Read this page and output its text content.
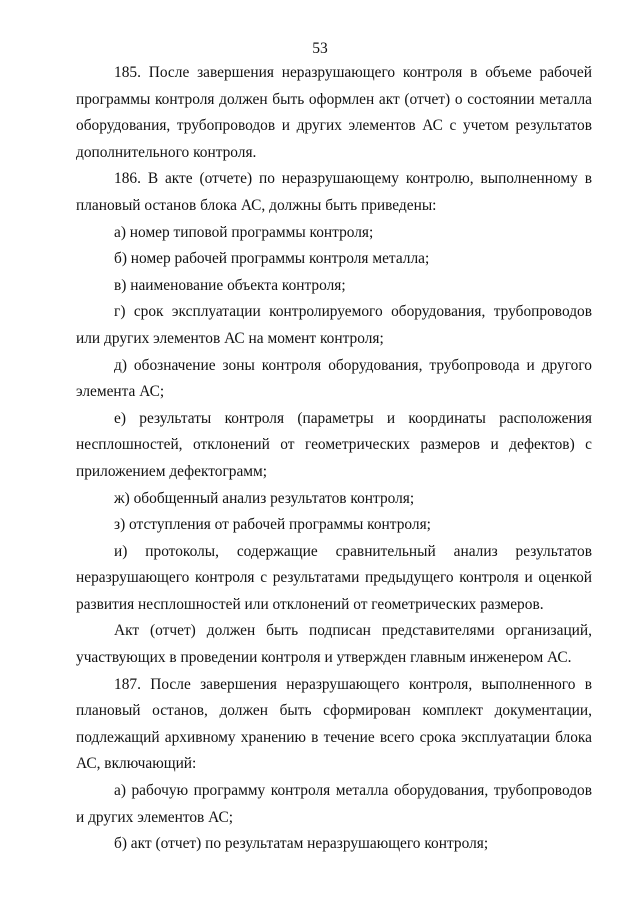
53

185. После завершения неразрушающего контроля в объеме рабочей программы контроля должен быть оформлен акт (отчет) о состоянии металла оборудования, трубопроводов и других элементов АС с учетом результатов дополнительного контроля.

186. В акте (отчете) по неразрушающему контролю, выполненному в плановый останов блока АС, должны быть приведены:

а) номер типовой программы контроля;

б) номер рабочей программы контроля металла;

в) наименование объекта контроля;

г) срок эксплуатации контролируемого оборудования, трубопроводов или других элементов АС на момент контроля;

д) обозначение зоны контроля оборудования, трубопровода и другого элемента АС;

е) результаты контроля (параметры и координаты расположения несплошностей, отклонений от геометрических размеров и дефектов) с приложением дефектограмм;

ж) обобщенный анализ результатов контроля;

з) отступления от рабочей программы контроля;

и) протоколы, содержащие сравнительный анализ результатов неразрушающего контроля с результатами предыдущего контроля и оценкой развития несплошностей или отклонений от геометрических размеров.

Акт (отчет) должен быть подписан представителями организаций, участвующих в проведении контроля и утвержден главным инженером АС.

187. После завершения неразрушающего контроля, выполненного в плановый останов, должен быть сформирован комплект документации, подлежащий архивному хранению в течение всего срока эксплуатации блока АС, включающий:

а) рабочую программу контроля металла оборудования, трубопроводов и других элементов АС;

б) акт (отчет) по результатам неразрушающего контроля;
